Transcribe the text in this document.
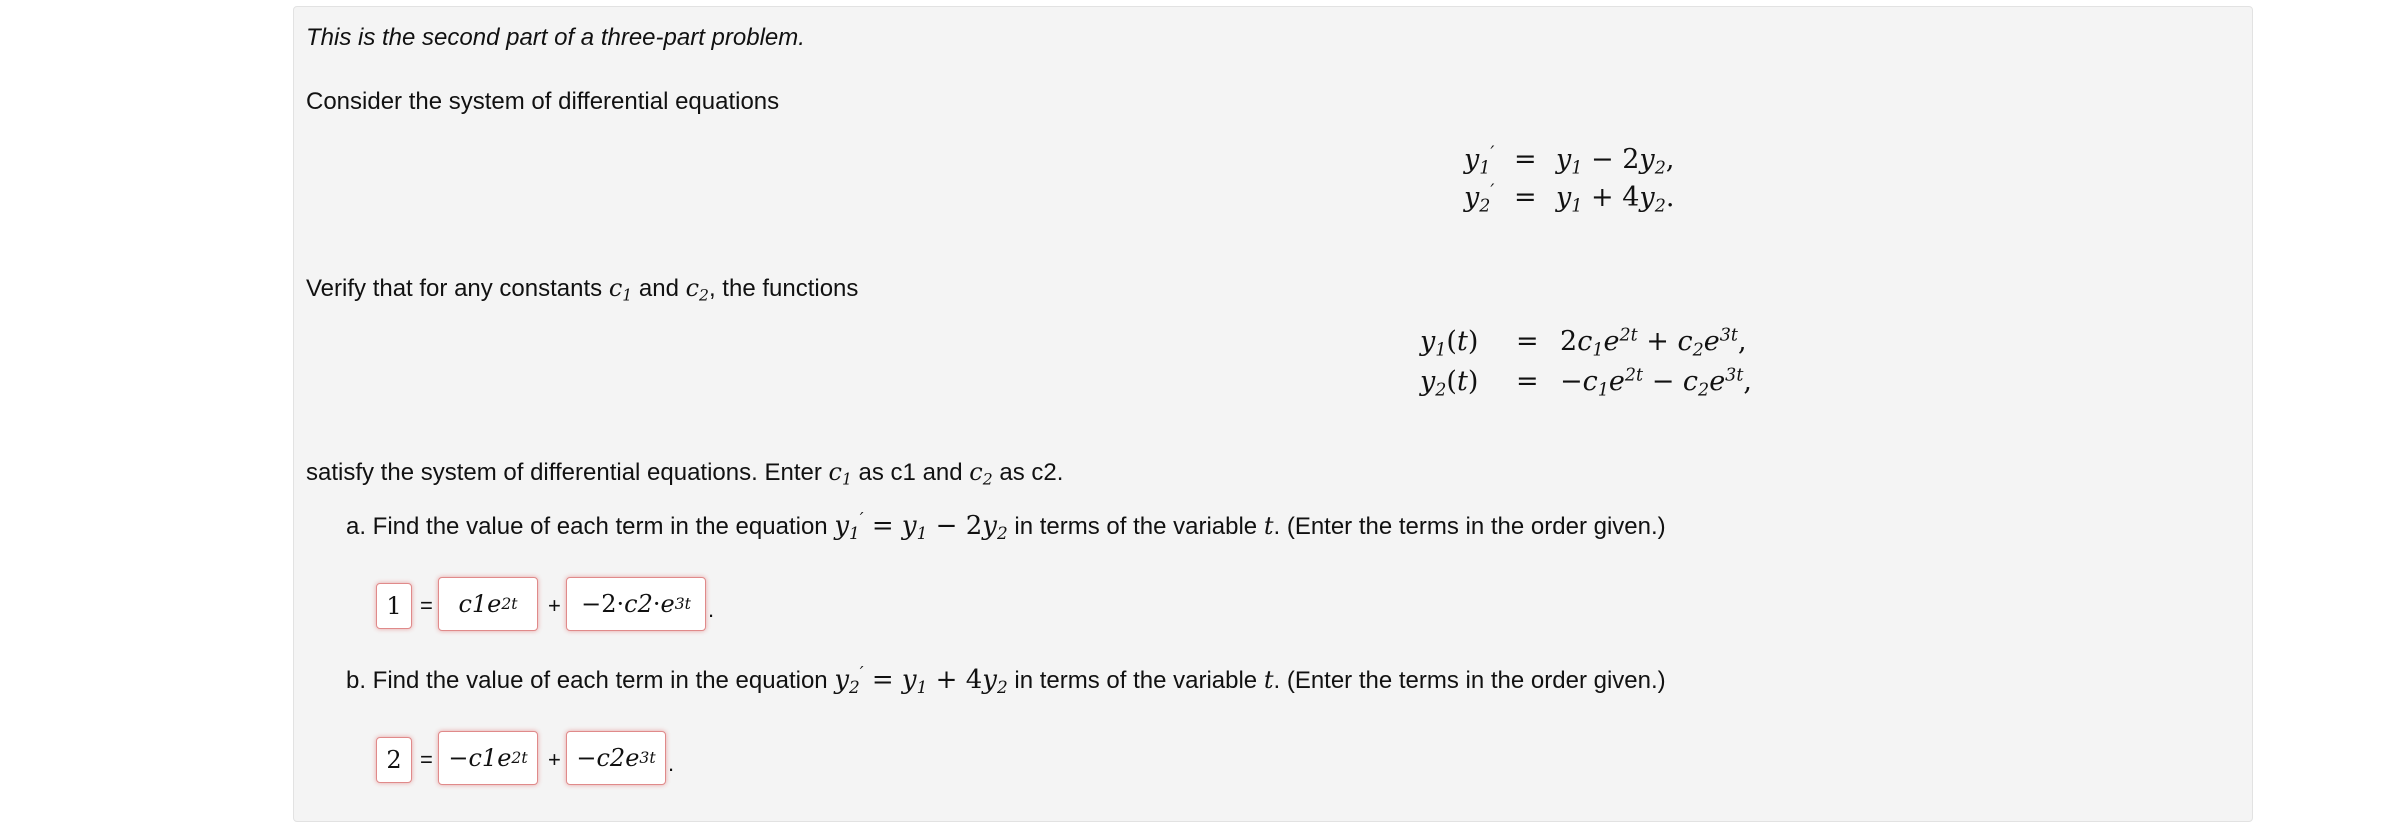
This is the second part of a three-part problem.
Consider the system of differential equations
$y_1' = y_1 - 2y_2$,
$y_2' = y_1 + 4y_2$.
Verify that for any constants $c_1$ and $c_2$, the functions
$y_1(t) = 2c_1e^{2t} + c_2e^{3t}$,
$y_2(t) = -c_1e^{2t} - c_2e^{3t}$,
satisfy the system of differential equations. Enter $c_1$ as c1 and $c_2$ as c2.
a. Find the value of each term in the equation $y_1' = y_1 - 2y_2$ in terms of the variable t. (Enter the terms in the order given.)
1 =	c1e 2t + −2· c2 · e 3t .
b. Find the value of each term in the equation $y_2' = y_1 + 4y_2$ in terms of the variable t. (Enter the terms in the order given.)
2 = − c1e 2t + − c2e 3t .
